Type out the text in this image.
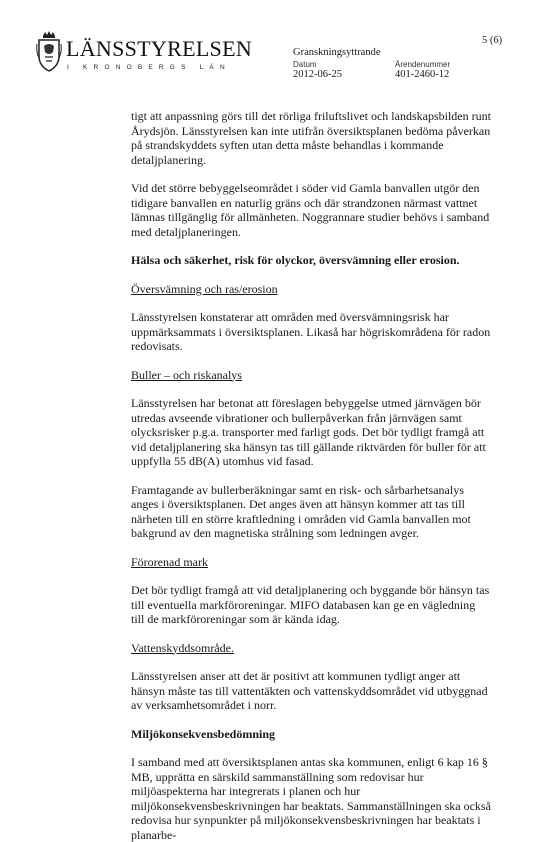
LÄNSSTYRELSEN
I KRONOBERGS LÄN
Granskningsyttrande
Datum	Ärendenummer
2012-06-25	401-2460-12
5 (6)

tigt att anpassning görs till det rörliga friluftslivet och landskapsbilden runt Årydsjön. Länsstyrelsen kan inte utifrån översiktsplanen bedöma påverkan på strandskyddets syften utan detta måste behandlas i kommande detaljplanering.

Vid det större bebyggelseområdet i söder vid Gamla banvallen utgör den tidigare banvallen en naturlig gräns och där strandzonen närmast vattnet lämnas tillgänglig för allmänheten. Noggrannare studier behövs i samband med detaljplaneringen.

Hälsa och säkerhet, risk för olyckor, översvämning eller erosion.

Översvämning och ras/erosion

Länsstyrelsen konstaterar att områden med översvämningsrisk har uppmärksammats i översiktsplanen. Likaså har högriskområdena för radon redovisats.

Buller – och riskanalys

Länsstyrelsen har betonat att föreslagen bebyggelse utmed järnvägen bör utredas avseende vibrationer och bullerpåverkan från järnvägen samt olycksrisker p.g.a. transporter med farligt gods. Det bör tydligt framgå att vid detaljplanering ska hänsyn tas till gällande riktvärden för buller för att uppfylla 55 dB(A) utomhus vid fasad.

Framtagande av bullerberäkningar samt en risk- och sårbarhetsanalys anges i översiktsplanen. Det anges även att hänsyn kommer att tas till närheten till en större kraftledning i områden vid Gamla banvallen mot bakgrund av den magnetiska strålning som ledningen avger.

Förorenad mark

Det bör tydligt framgå att vid detaljplanering och byggande bör hänsyn tas till eventuella markföroreningar. MIFO databasen kan ge en vägledning till de markföroreningar som är kända idag.

Vattenskyddsområde.

Länsstyrelsen anser att det är positivt att kommunen tydligt anger att hänsyn måste tas till vattentäkten och vattenskyddsområdet vid utbyggnad av verksamhetsområdet i norr.

Miljökonsekvensbedömning

I samband med att översiktsplanen antas ska kommunen, enligt 6 kap 16 § MB, upprätta en särskild sammanställning som redovisar hur miljöaspekterna har integrerats i planen och hur miljökonsekvensbeskrivningen har beaktats. Sammanställningen ska också redovisa hur synpunkter på miljökonsekvensbeskrivningen har beaktats i planarbe-
